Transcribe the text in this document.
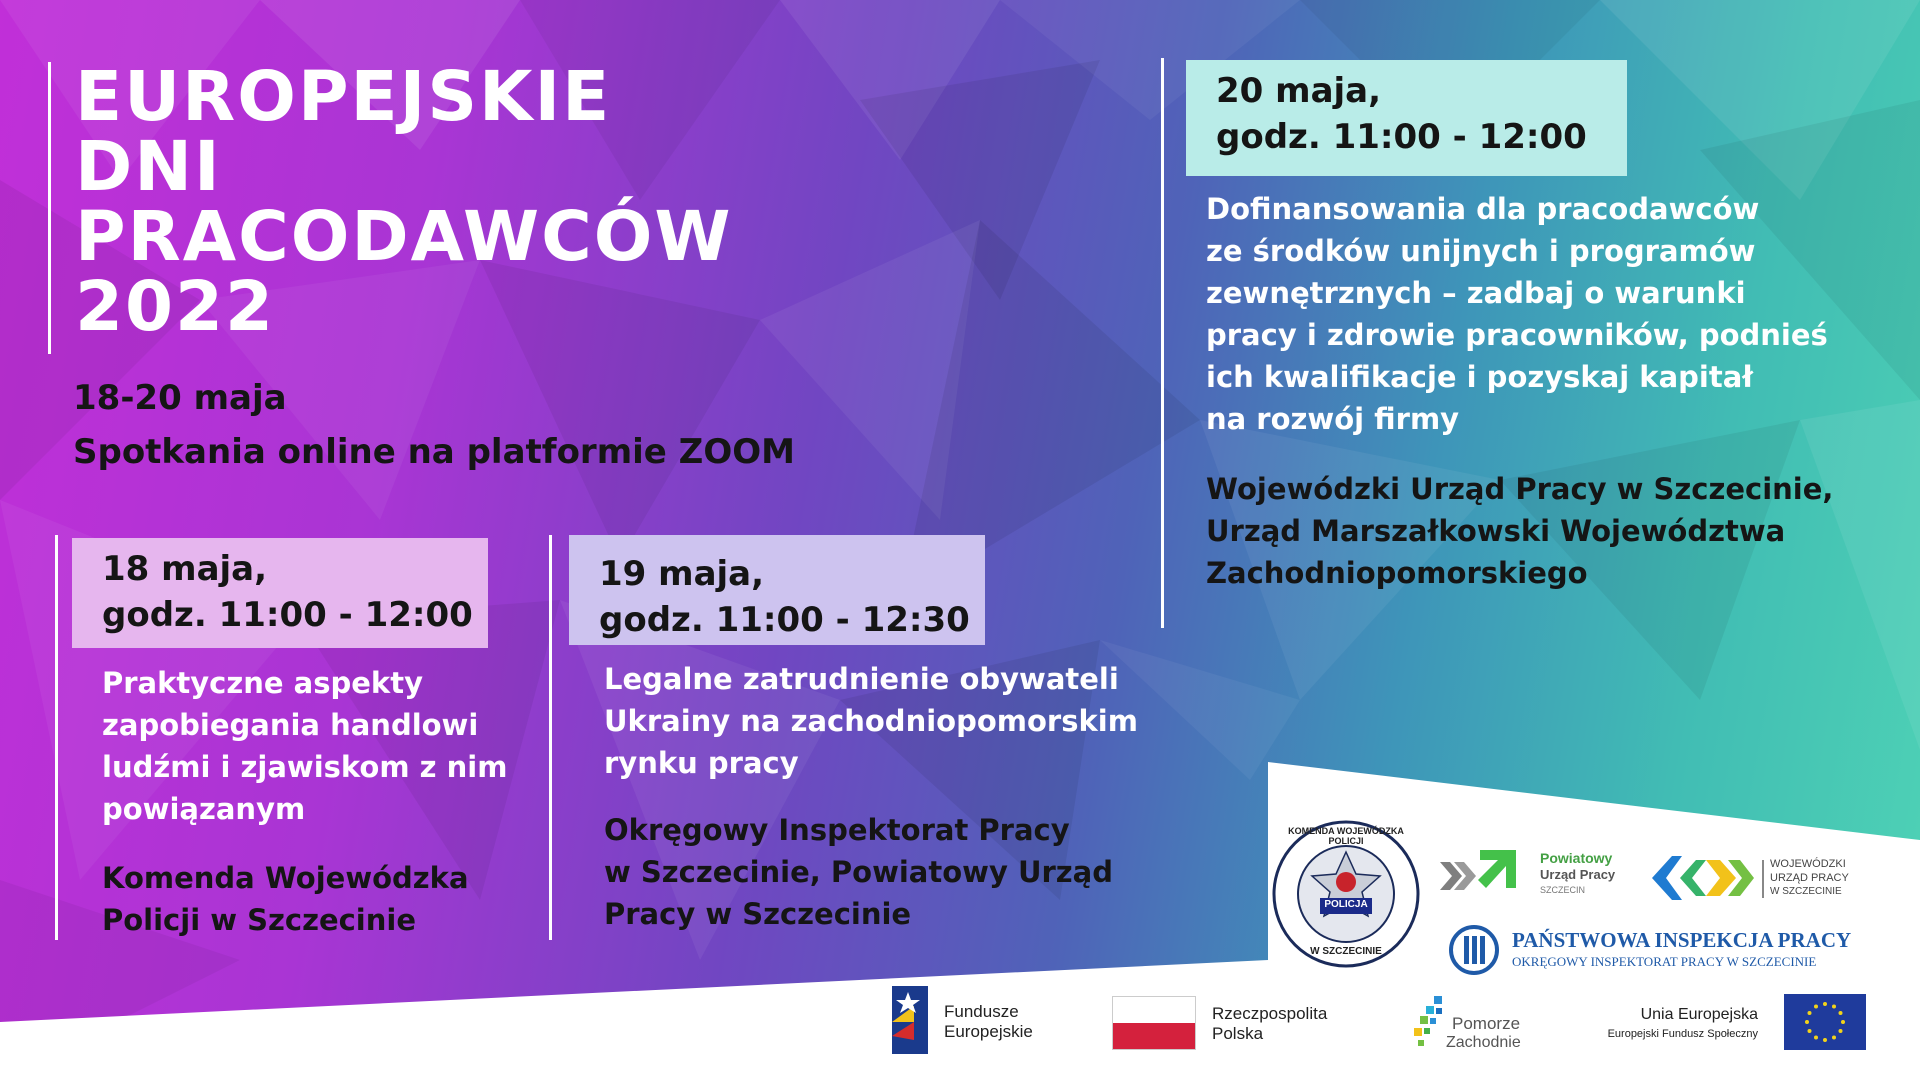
EUROPEJSKIE
DNI
PRACODAWCÓW
2022
18-20 maja
Spotkania online na platformie ZOOM
18 maja,
godz. 11:00 - 12:00
Praktyczne aspekty
zapobiegania handlowi
ludźmi i zjawiskom z nim
powiązanym
Komenda Wojewódzka
Policji w Szczecinie
19 maja,
godz. 11:00 - 12:30
Legalne zatrudnienie obywateli
Ukrainy na zachodniopomorskim
rynku pracy
Okręgowy Inspektorat Pracy
w Szczecinie, Powiatowy Urząd
Pracy w Szczecinie
20 maja,
godz. 11:00 - 12:00
Dofinansowania dla pracodawców
ze środków unijnych i programów
zewnętrznych – zadbaj o warunki
pracy i zdrowie pracowników, podnieś
ich kwalifikacje i pozyskaj kapitał
na rozwój firmy
Wojewódzki Urząd Pracy w Szczecinie,
Urząd Marszałkowski Województwa
Zachodniopomorskiego
KOMENDA WOJEWÓDZKA POLICJI
POLICJA
W SZCZECINIE
Powiatowy
Urząd Pracy
SZCZECIN
WOJEWÓDZKI
URZĄD PRACY
W SZCZECINIE
PAŃSTWOWA INSPEKCJA PRACY
OKRĘGOWY INSPEKTORAT PRACY W SZCZECINIE
Fundusze
Europejskie
Rzeczpospolita
Polska
Pomorze
Zachodnie
Unia Europejska
Europejski Fundusz Społeczny
